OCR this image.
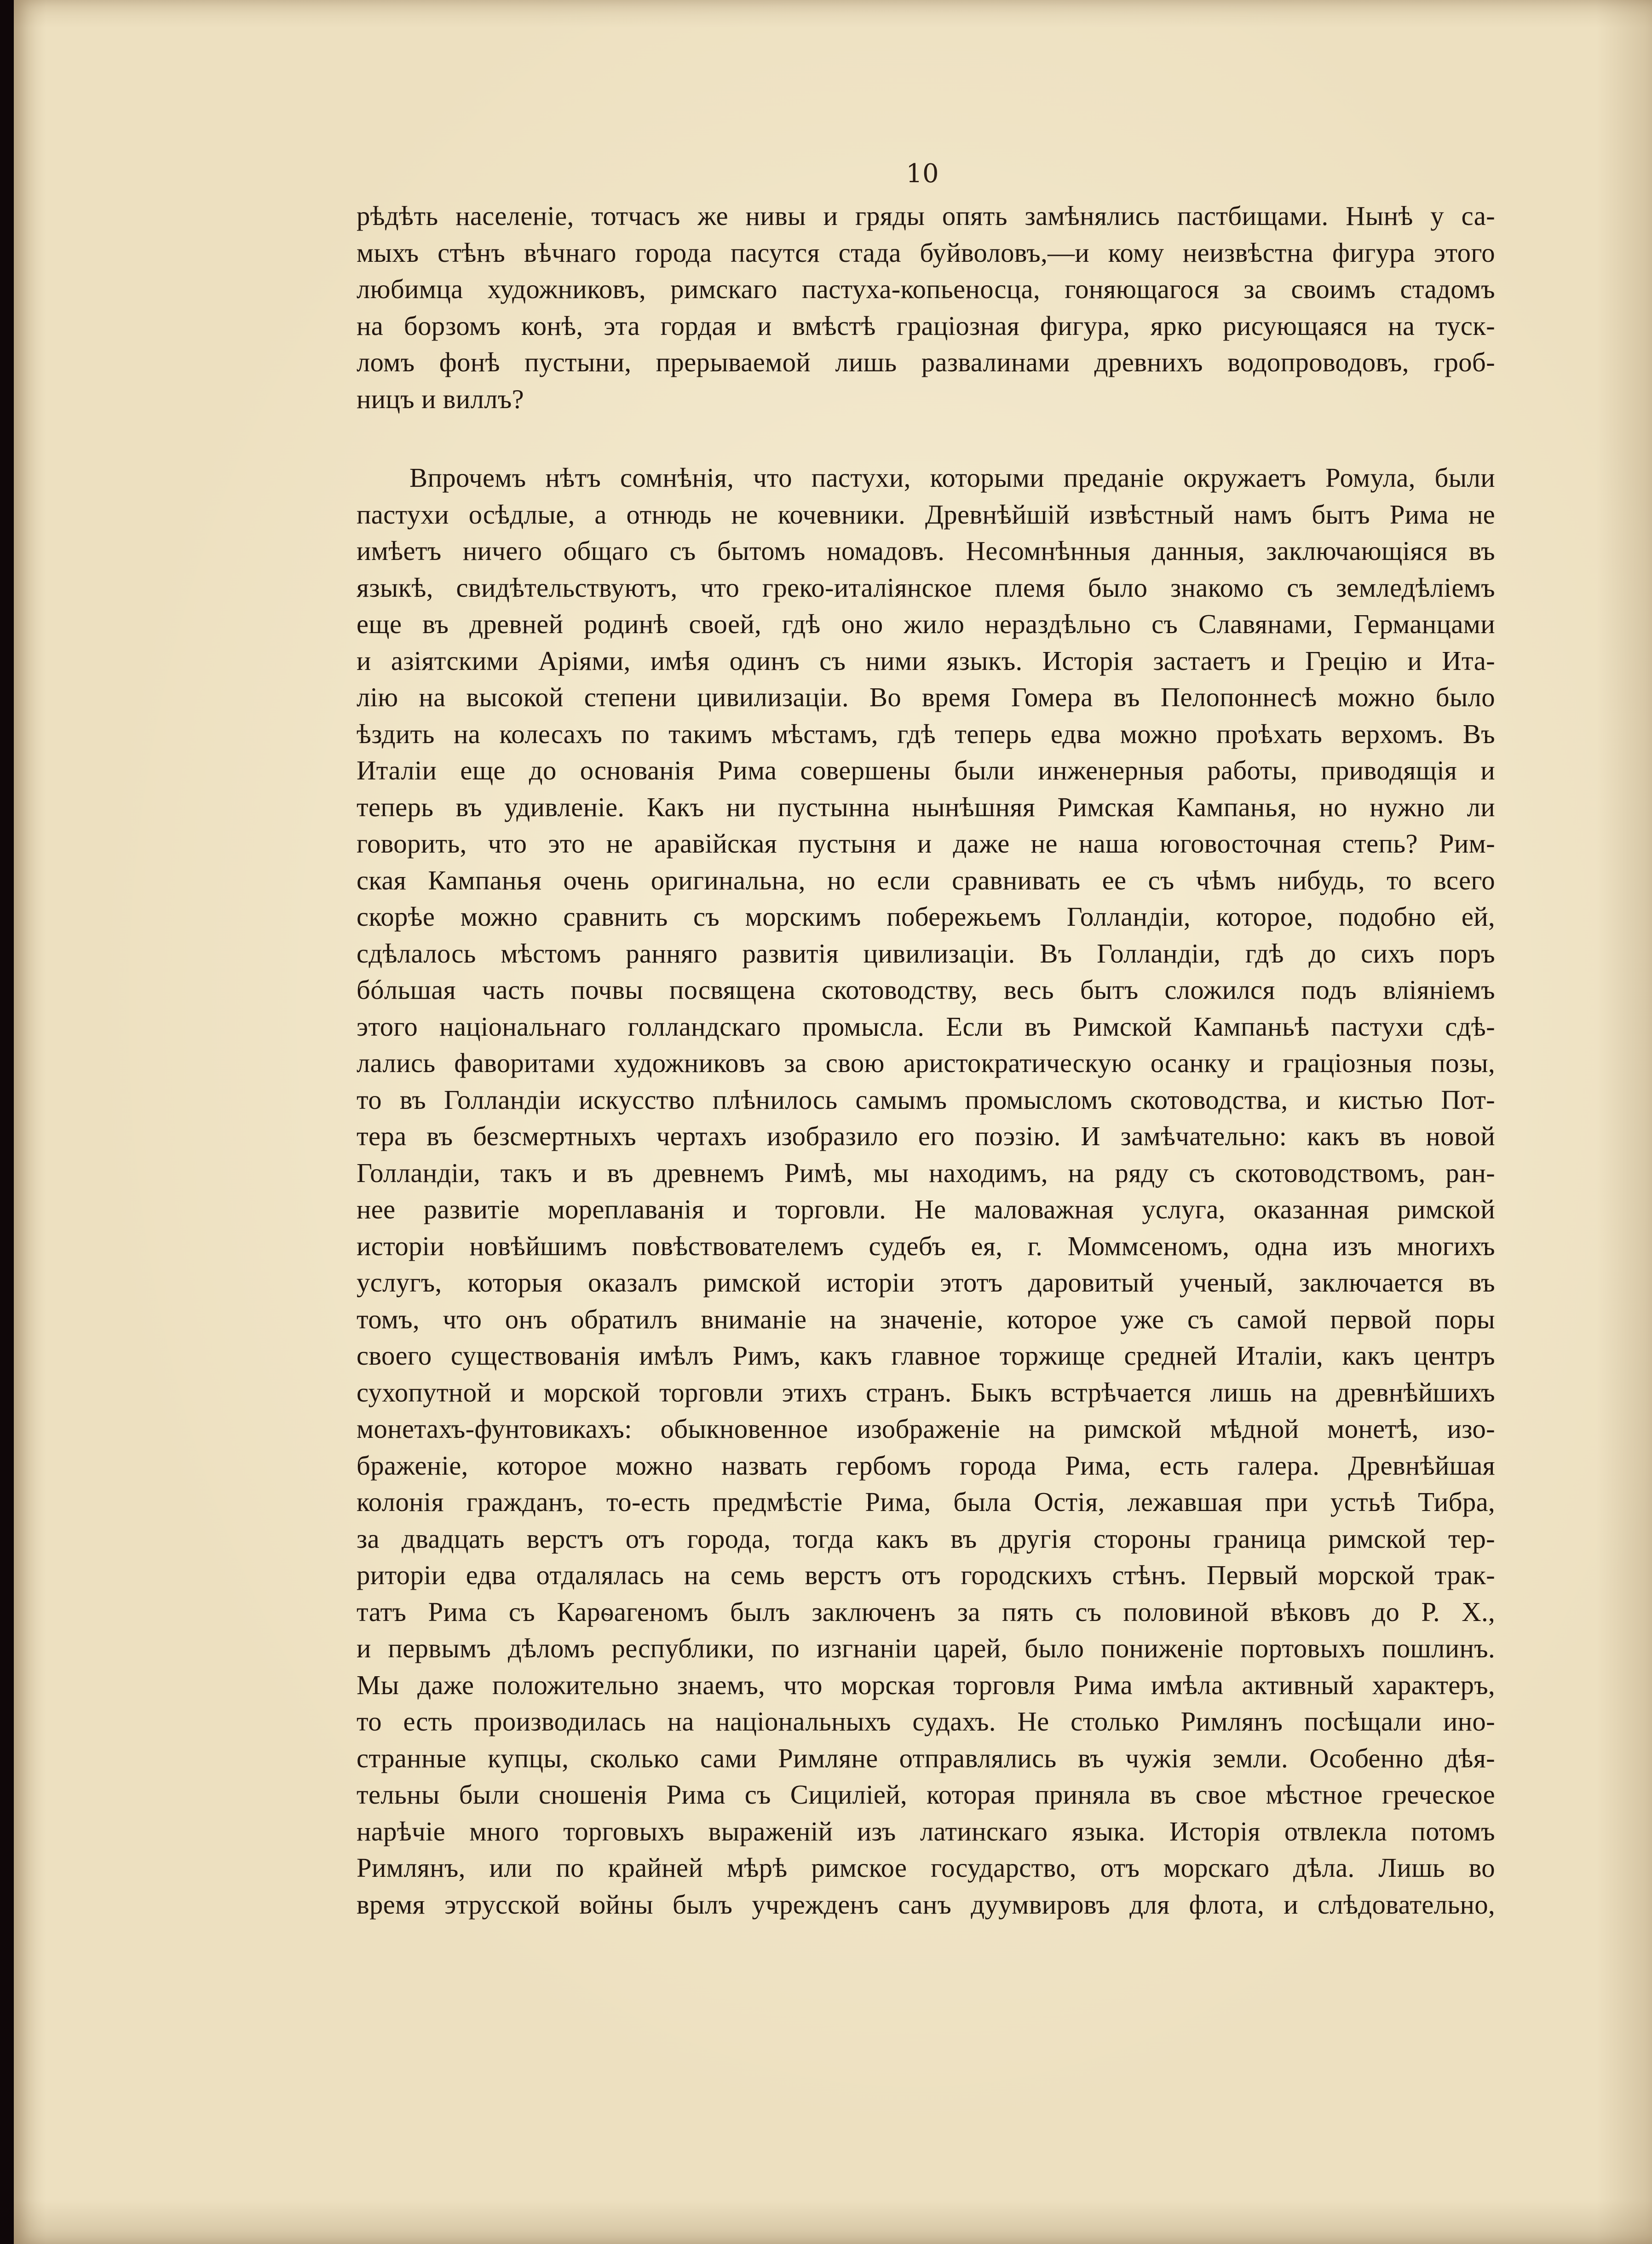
10
рѣдѣть населеніе, тотчасъ же нивы и гряды опять замѣнялись пастбищами. Нынѣ у са-
мыхъ стѣнъ вѣчнаго города пасутся стада буйволовъ,—и кому неизвѣстна фигура этого
любимца художниковъ, римскаго пастуха-копьеносца, гоняющагося за своимъ стадомъ
на борзомъ конѣ, эта гордая и вмѣстѣ граціозная фигура, ярко рисующаяся на туск-
ломъ фонѣ пустыни, прерываемой лишь развалинами древнихъ водопроводовъ, гроб-
ницъ и виллъ?
Впрочемъ нѣтъ сомнѣнія, что пастухи, которыми преданіе окружаетъ Ромула, были
пастухи осѣдлые, а отнюдь не кочевники. Древнѣйшій извѣстный намъ бытъ Рима не
имѣетъ ничего общаго съ бытомъ номадовъ. Несомнѣнныя данныя, заключающіяся въ
языкѣ, свидѣтельствуютъ, что греко-италіянское племя было знакомо съ земледѣліемъ
еще въ древней родинѣ своей, гдѣ оно жило нераздѣльно съ Славянами, Германцами
и азіятскими Аріями, имѣя одинъ съ ними языкъ. Исторія застаетъ и Грецію и Ита-
лію на высокой степени цивилизаціи. Во время Гомера въ Пелопоннесѣ можно было
ѣздить на колесахъ по такимъ мѣстамъ, гдѣ теперь едва можно проѣхать верхомъ. Въ
Италіи еще до основанія Рима совершены были инженерныя работы, приводящія и
теперь въ удивленіе. Какъ ни пустынна нынѣшняя Римская Кампанья, но нужно ли
говорить, что это не аравійская пустыня и даже не наша юговосточная степь? Рим-
ская Кампанья очень оригинальна, но если сравнивать ее съ чѣмъ нибудь, то всего
скорѣе можно сравнить съ морскимъ побережьемъ Голландіи, которое, подобно ей,
сдѣлалось мѣстомъ ранняго развитія цивилизаціи. Въ Голландіи, гдѣ до сихъ поръ
бóльшая часть почвы посвящена скотоводству, весь бытъ сложился подъ вліяніемъ
этого національнаго голландскаго промысла. Если въ Римской Кампаньѣ пастухи сдѣ-
лались фаворитами художниковъ за свою аристократическую осанку и граціозныя позы,
то въ Голландіи искусство плѣнилось самымъ промысломъ скотоводства, и кистью Пот-
тера въ безсмертныхъ чертахъ изобразило его поэзію. И замѣчательно: какъ въ новой
Голландіи, такъ и въ древнемъ Римѣ, мы находимъ, на ряду съ скотоводствомъ, ран-
нее развитіе мореплаванія и торговли. Не маловажная услуга, оказанная римской
исторіи новѣйшимъ повѣствователемъ судебъ ея, г. Моммсеномъ, одна изъ многихъ
услугъ, которыя оказалъ римской исторіи этотъ даровитый ученый, заключается въ
томъ, что онъ обратилъ вниманіе на значеніе, которое уже съ самой первой поры
своего существованія имѣлъ Римъ, какъ главное торжище средней Италіи, какъ центръ
сухопутной и морской торговли этихъ странъ. Быкъ встрѣчается лишь на древнѣйшихъ
монетахъ-фунтовикахъ: обыкновенное изображеніе на римской мѣдной монетѣ, изо-
браженіе, которое можно назвать гербомъ города Рима, есть галера. Древнѣйшая
колонія гражданъ, то-есть предмѣстіе Рима, была Остія, лежавшая при устьѣ Тибра,
за двадцать верстъ отъ города, тогда какъ въ другія стороны граница римской тер-
риторіи едва отдалялась на семь верстъ отъ городскихъ стѣнъ. Первый морской трак-
татъ Рима съ Карѳагеномъ былъ заключенъ за пять съ половиной вѣковъ до Р. Х.,
и первымъ дѣломъ республики, по изгнаніи царей, было пониженіе портовыхъ пошлинъ.
Мы даже положительно знаемъ, что морская торговля Рима имѣла активный характеръ,
то есть производилась на національныхъ судахъ. Не столько Римлянъ посѣщали ино-
странные купцы, сколько сами Римляне отправлялись въ чужія земли. Особенно дѣя-
тельны были сношенія Рима съ Сициліей, которая приняла въ свое мѣстное греческое
нарѣчіе много торговыхъ выраженій изъ латинскаго языка. Исторія отвлекла потомъ
Римлянъ, или по крайней мѣрѣ римское государство, отъ морскаго дѣла. Лишь во
время этрусской войны былъ учрежденъ санъ дуумвировъ для флота, и слѣдовательно,
